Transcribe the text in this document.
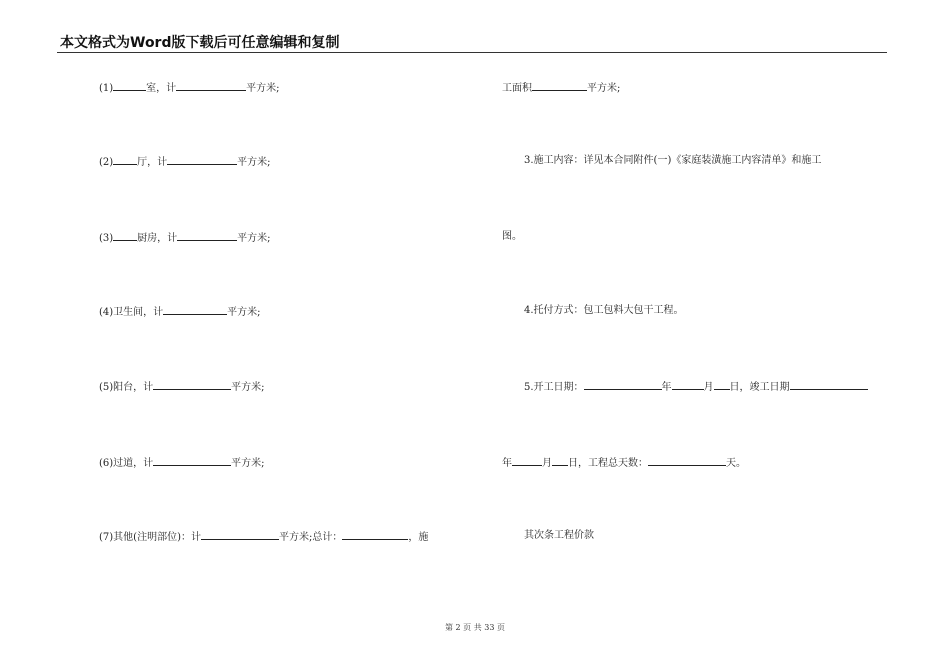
本文格式为Word版下载后可任意编辑和复制
(1)	室，计	平方米;
(2) 厅，计	平方米;
(3) 厨房，计	平方米;
(4)卫生间，计	平方米;
(5)阳台，计	平方米;
(6)过道，计	平方米;
(7)其他(注明部位)：计	平方米;总计：	，施
工面积	平方米;
3.施工内容：详见本合同附件(一)《家庭装潢施工内容清单》和施工
图。
4.托付方式：包工包料大包干工程。
5.开工日期：	年	月 日，竣工日期
年	月 日，工程总天数：	天。
其次条工程价款
第 2 页 共 33 页
